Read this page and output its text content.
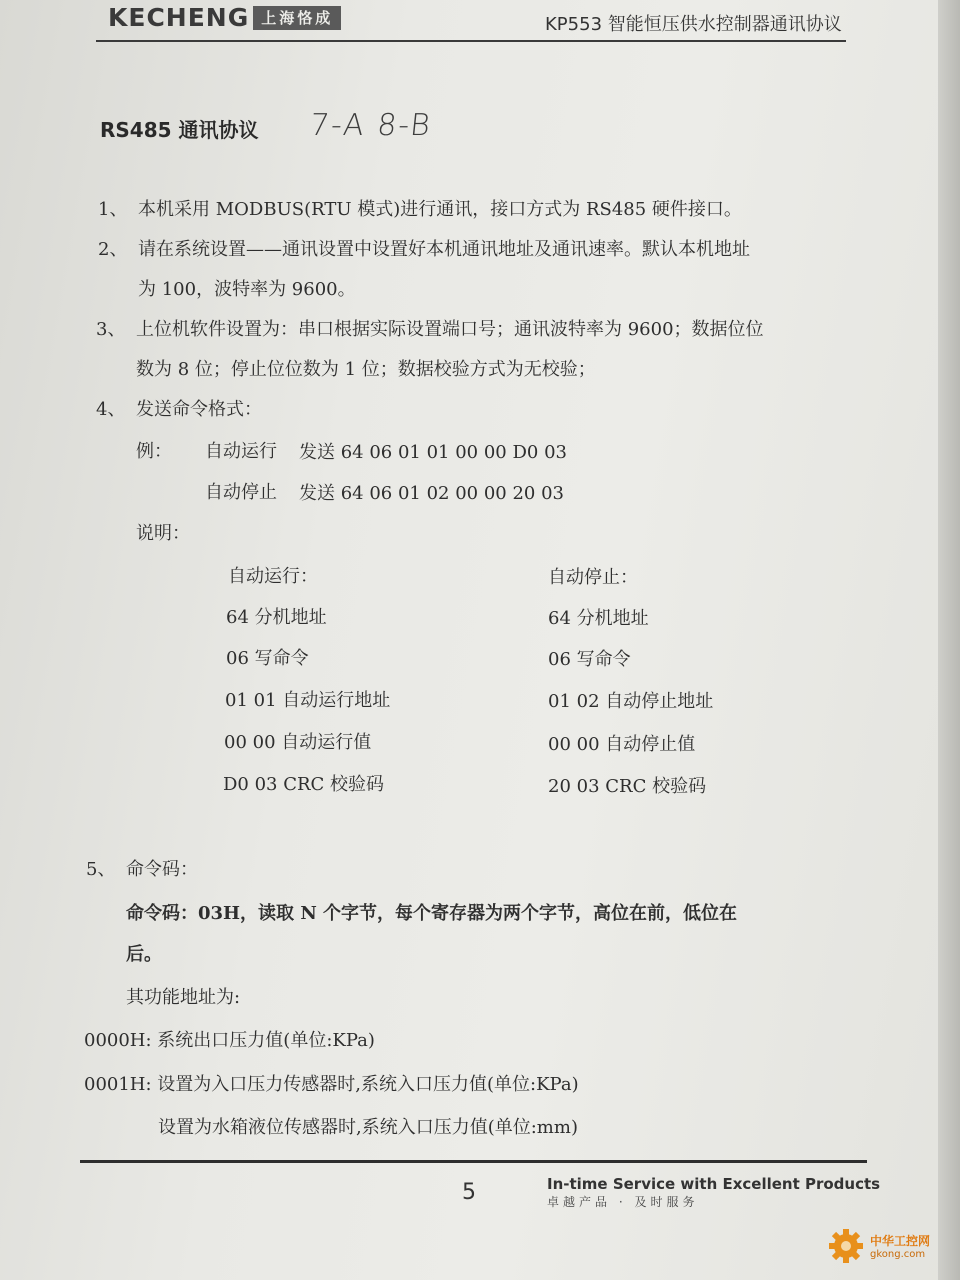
KECHENG 上海恪成	KP553 智能恒压供水控制器通讯协议
RS485 通讯协议 7-A 8-B
1、 本机采用 MODBUS(RTU 模式)进行通讯，接口方式为 RS485 硬件接口。
2、 请在系统设置——通讯设置中设置好本机通讯地址及通讯速率。默认本机地址
为 100，波特率为 9600。
3、 上位机软件设置为：串口根据实际设置端口号；通讯波特率为 9600；数据位位
数为 8 位；停止位位数为 1 位；数据校验方式为无校验；
4、 发送命令格式：
例： 自动运行 发送 64 06 01 01 00 00 D0 03
自动停止 发送 64 06 01 02 00 00 20 03
说明：
自动运行：
64 分机地址
06 写命令
01 01 自动运行地址
00 00 自动运行值
D0 03 CRC 校验码
自动停止：
64 分机地址
06 写命令
01 02 自动停止地址
00 00 自动停止值
20 03 CRC 校验码
5、 命令码：
命令码：03H，读取 N 个字节，每个寄存器为两个字节，高位在前，低位在
后。
其功能地址为:
0000H: 系统出口压力值(单位:KPa)
0001H: 设置为入口压力传感器时,系统入口压力值(单位:KPa)
设置为水箱液位传感器时,系统入口压力值(单位:mm)
5	In-time Service with Excellent Products
卓越产品 · 及时服务
中华工控网
gkong.com
